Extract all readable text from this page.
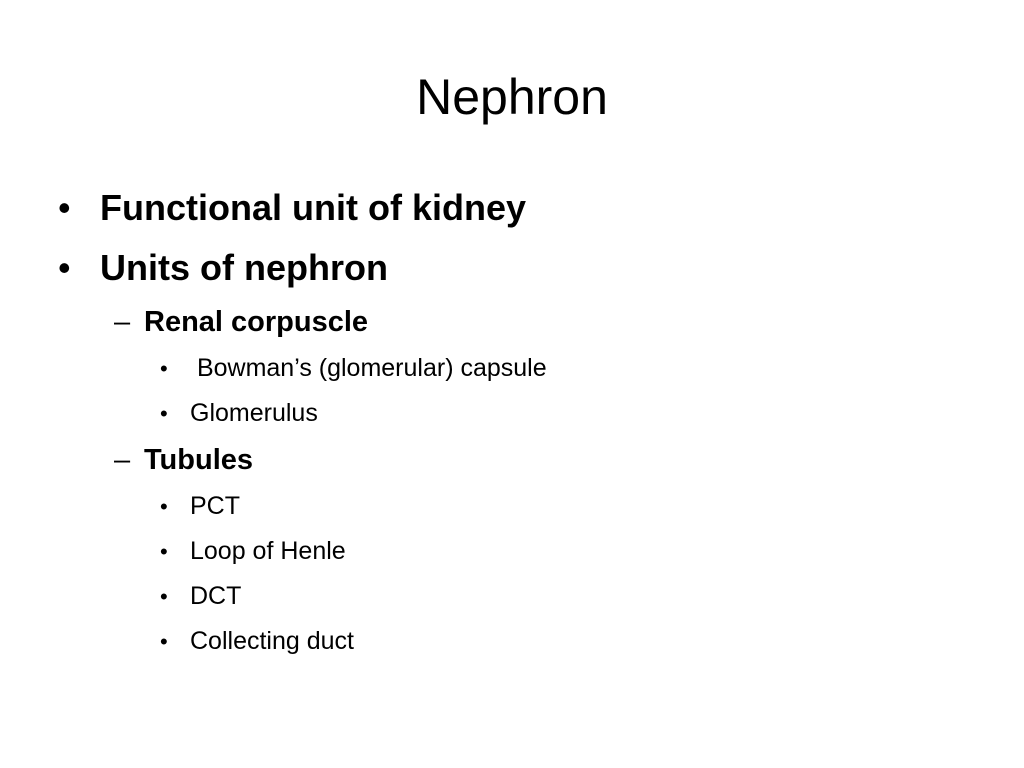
Nephron
• Functional unit of kidney
• Units of nephron
– Renal corpuscle
• Bowman’s (glomerular) capsule
• Glomerulus
– Tubules
• PCT
• Loop of Henle
• DCT
• Collecting duct
